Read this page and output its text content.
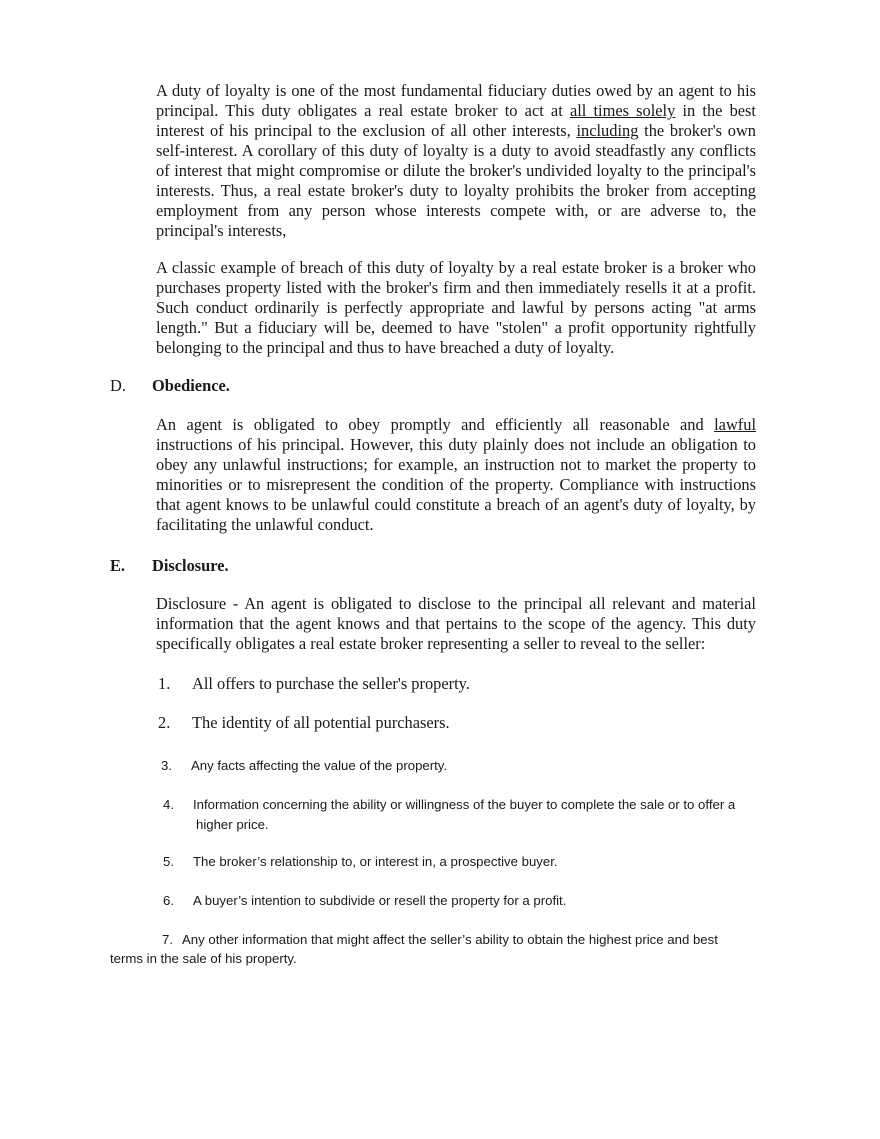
A duty of loyalty is one of the most fundamental fiduciary duties owed by an agent to his principal. This duty obligates a real estate broker to act at all times solely in the best interest of his principal to the exclusion of all other interests, including the broker's own self-interest. A corollary of this duty of loyalty is a duty to avoid steadfastly any conflicts of interest that might compromise or dilute the broker's undivided loyalty to the principal's interests. Thus, a real estate broker's duty to loyalty prohibits the broker from accepting employment from any person whose interests compete with, or are adverse to, the principal's interests,

A classic example of breach of this duty of loyalty by a real estate broker is a broker who purchases property listed with the broker's firm and then immediately resells it at a profit. Such conduct ordinarily is perfectly appropriate and lawful by persons acting "at arms length." But a fiduciary will be, deemed to have "stolen" a profit opportunity rightfully belonging to the principal and thus to have breached a duty of loyalty.

D. Obedience.

An agent is obligated to obey promptly and efficiently all reasonable and lawful instructions of his principal. However, this duty plainly does not include an obligation to obey any unlawful instructions; for example, an instruction not to market the property to minorities or to misrepresent the condition of the property. Compliance with instructions that agent knows to be unlawful could constitute a breach of an agent's duty of loyalty, by facilitating the unlawful conduct.

E. Disclosure.

Disclosure - An agent is obligated to disclose to the principal all relevant and material information that the agent knows and that pertains to the scope of the agency. This duty specifically obligates a real estate broker representing a seller to reveal to the seller:

1. All offers to purchase the seller's property.
2. The identity of all potential purchasers.
3. Any facts affecting the value of the property.
4. Information concerning the ability or willingness of the buyer to complete the sale or to offer a
higher price.
5. The broker’s relationship to, or interest in, a prospective buyer.
6. A buyer’s intention to subdivide or resell the property for a profit.
7. Any other information that might affect the seller’s ability to obtain the highest price and best
terms in the sale of his property.
